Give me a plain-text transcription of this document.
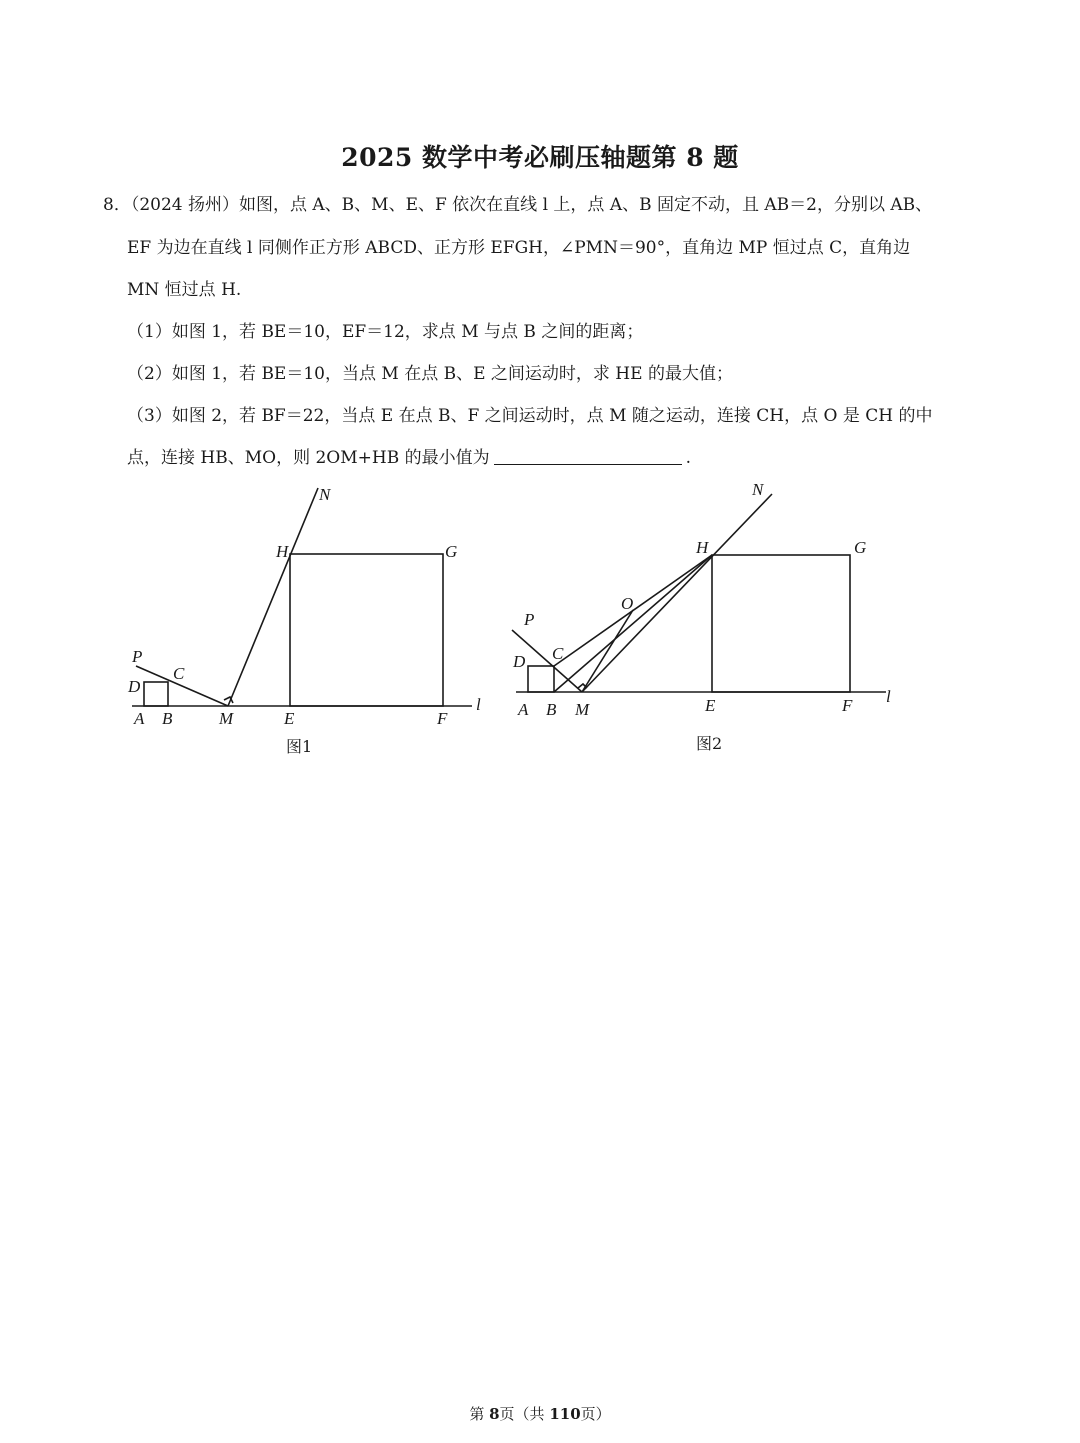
2025 数学中考必刷压轴题第 8 题
8．（2024 扬州）如图，点 A、B、M、E、F 依次在直线 l 上，点 A、B 固定不动，且 AB＝2，分别以 AB、
EF 为边在直线 l 同侧作正方形 ABCD、正方形 EFGH，∠PMN＝90°，直角边 MP 恒过点 C，直角边
MN 恒过点 H.
（1）如图 1，若 BE＝10，EF＝12，求点 M 与点 B 之间的距离；
（2）如图 1，若 BE＝10，当点 M 在点 B、E 之间运动时，求 HE 的最大值；
（3）如图 2，若 BF＝22，当点 E 在点 B、F 之间运动时，点 M 随之运动，连接 CH，点 O 是 CH 的中
点，连接 HB、MO，则 2OM+HB 的最小值为	.
N
H	G
P
C
D
A B	M	E	F
l
图1
N
H	G
O
P
C
D
A B M	E	F l
图2
第 8页（共 110页）
